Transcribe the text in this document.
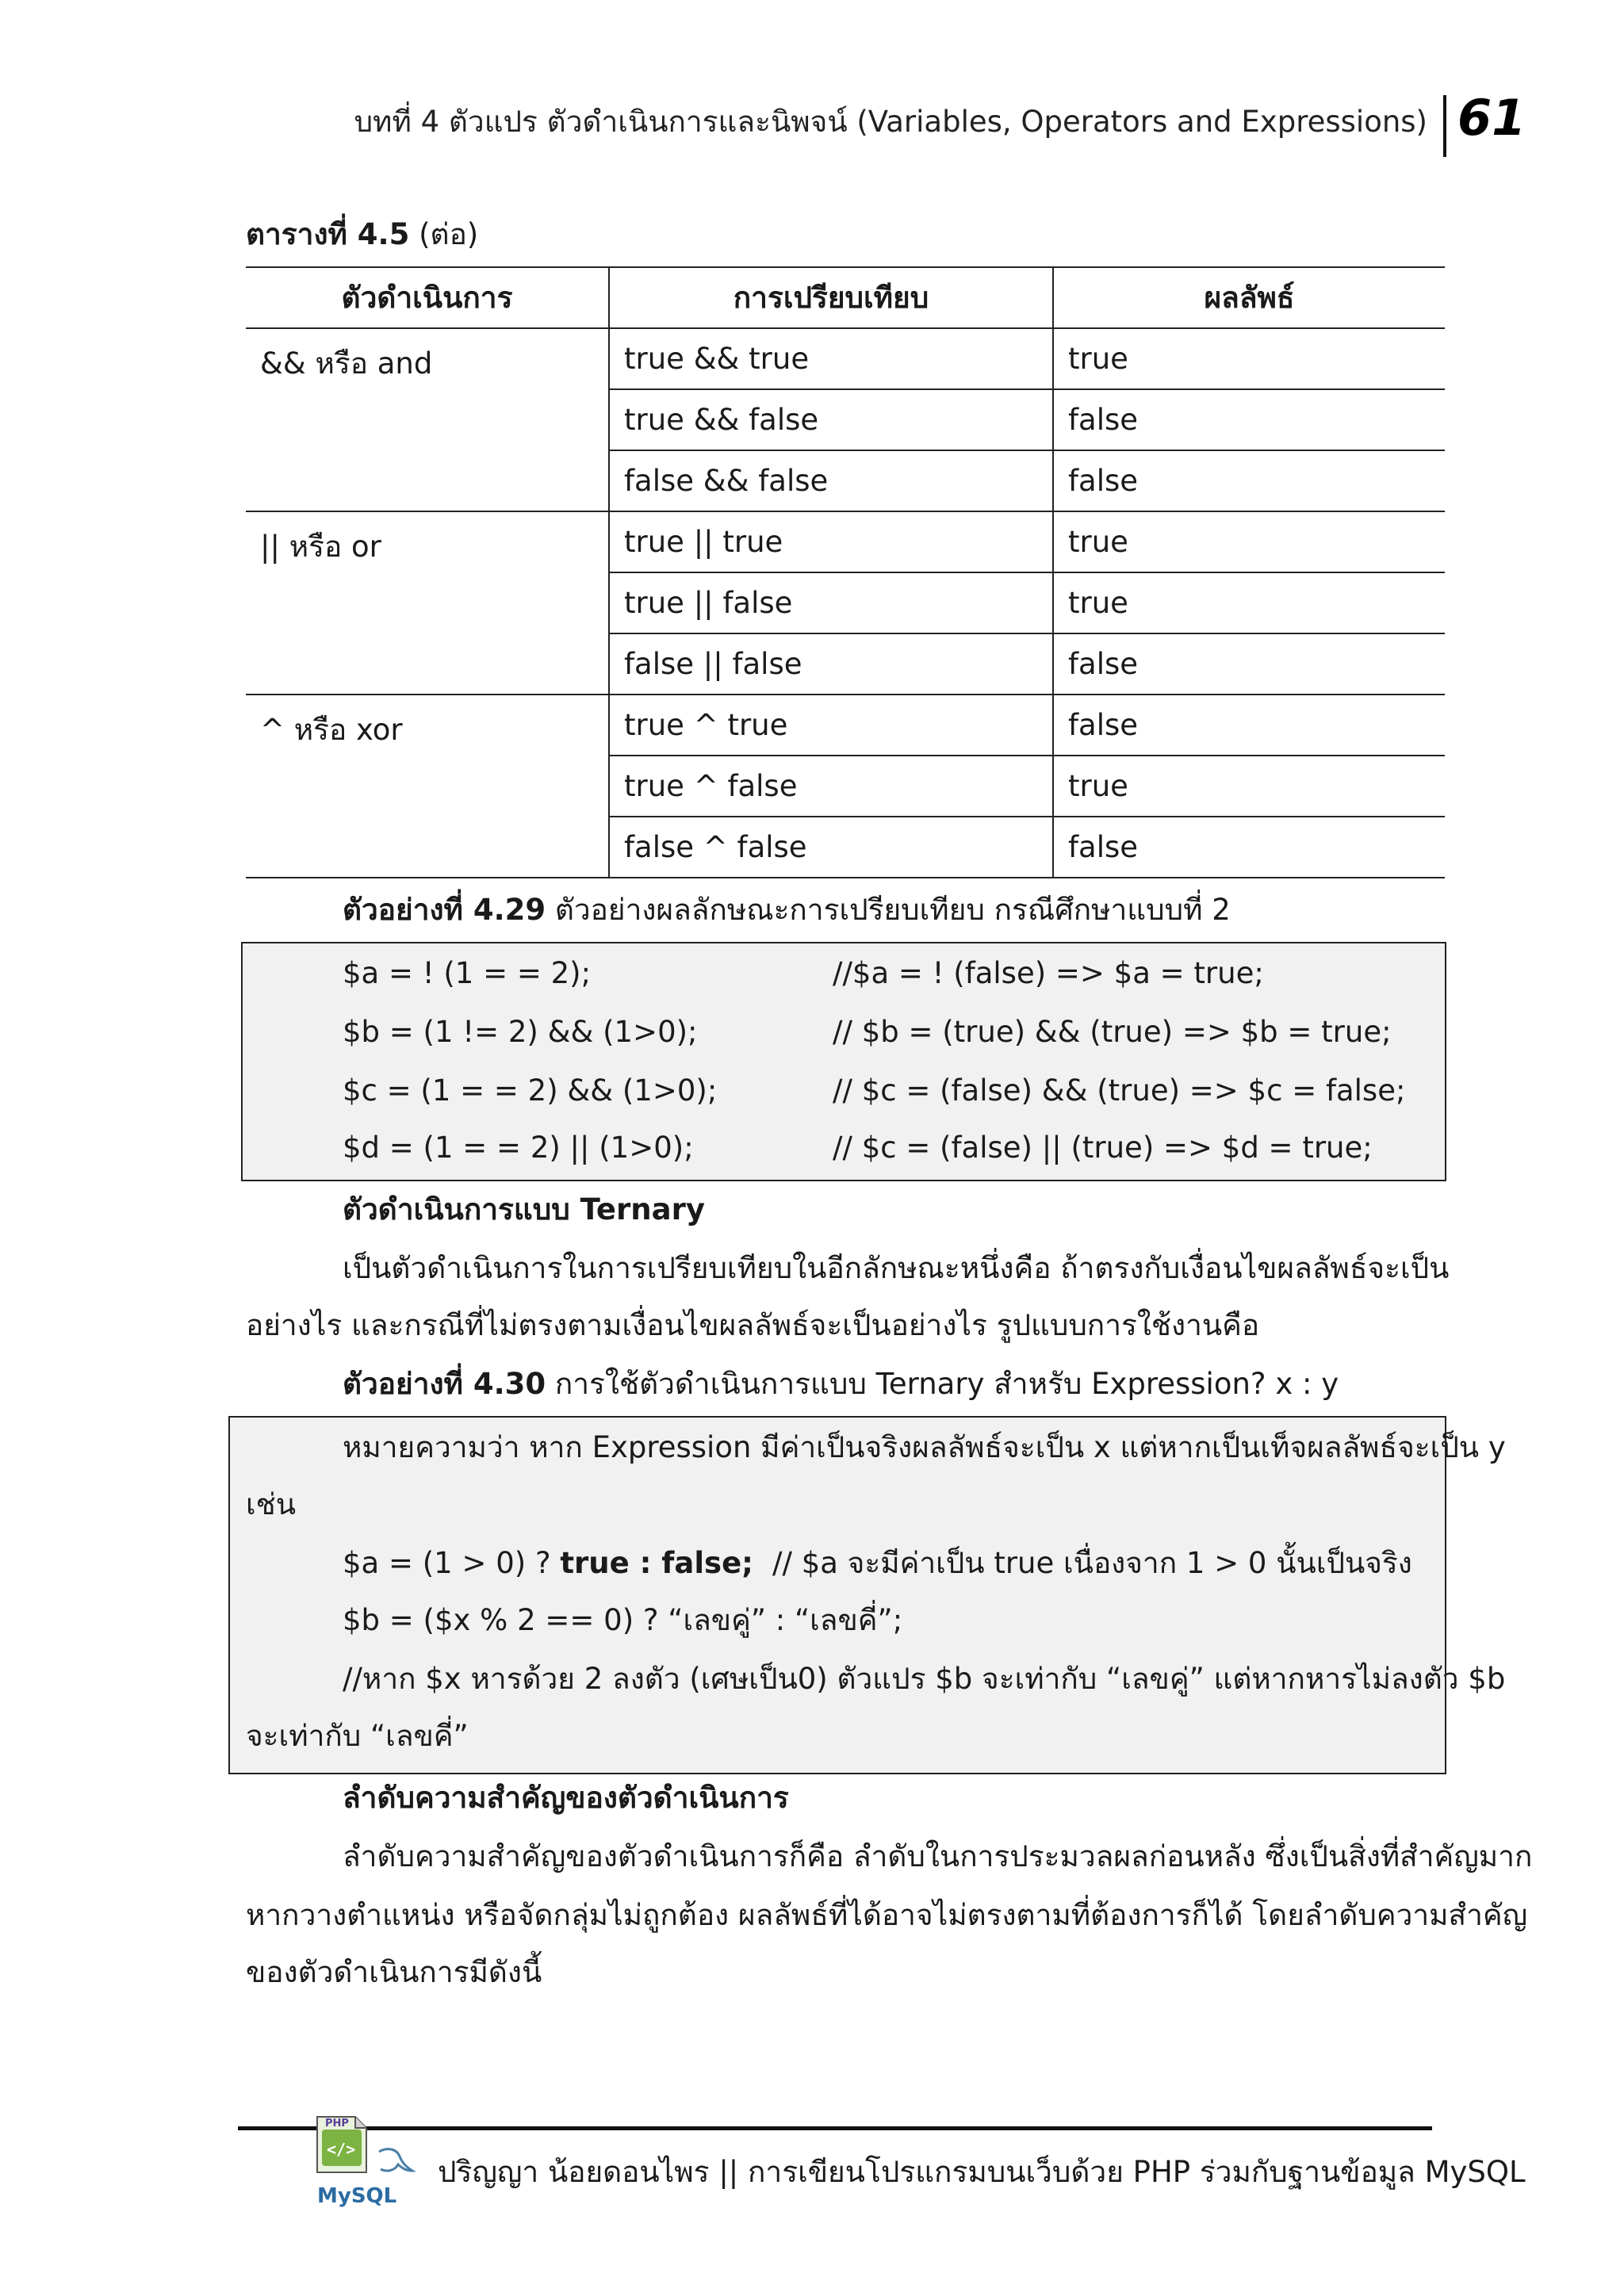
บทที่ 4 ตัวแปร ตัวดำเนินการและนิพจน์ (Variables, Operators and Expressions) 61
ตารางที่ 4.5 (ต่อ)
ตัวดำเนินการ	การเปรียบเทียบ	ผลลัพธ์
&& หรือ and	true && true	true
	true && false	false
	false && false	false
|| หรือ or	true || true	true
	true || false	true
	false || false	false
^ หรือ xor	true ^ true	false
	true ^ false	true
	false ^ false	false
ตัวอย่างที่ 4.29 ตัวอย่างผลลักษณะการเปรียบเทียบ กรณีศึกษาแบบที่ 2
$a = ! (1 = = 2);	//$a = ! (false) => $a = true;
$b = (1 != 2) && (1>0);	// $b = (true) && (true) => $b = true;
$c = (1 = = 2) && (1>0);	// $c = (false) && (true) => $c = false;
$d = (1 = = 2) || (1>0);	// $c = (false) || (true) => $d = true;
ตัวดำเนินการแบบ Ternary
เป็นตัวดำเนินการในการเปรียบเทียบในอีกลักษณะหนึ่งคือ ถ้าตรงกับเงื่อนไขผลลัพธ์จะเป็น
อย่างไร และกรณีที่ไม่ตรงตามเงื่อนไขผลลัพธ์จะเป็นอย่างไร รูปแบบการใช้งานคือ
ตัวอย่างที่ 4.30 การใช้ตัวดำเนินการแบบ Ternary สำหรับ Expression? x : y
หมายความว่า หาก Expression มีค่าเป็นจริงผลลัพธ์จะเป็น x แต่หากเป็นเท็จผลลัพธ์จะเป็น y
เช่น
$a = (1 > 0) ? true : false; // $a จะมีค่าเป็น true เนื่องจาก 1 > 0 นั้นเป็นจริง
$b = ($x % 2 == 0) ? “เลขคู่” : “เลขคี่”;
//หาก $x หารด้วย 2 ลงตัว (เศษเป็น0) ตัวแปร $b จะเท่ากับ “เลขคู่” แต่หากหารไม่ลงตัว $b
จะเท่ากับ “เลขคี่”
ลำดับความสำคัญของตัวดำเนินการ
ลำดับความสำคัญของตัวดำเนินการก็คือ ลำดับในการประมวลผลก่อนหลัง ซึ่งเป็นสิ่งที่สำคัญมาก
หากวางตำแหน่ง หรือจัดกลุ่มไม่ถูกต้อง ผลลัพธ์ที่ได้อาจไม่ตรงตามที่ต้องการก็ได้ โดยลำดับความสำคัญ
ของตัวดำเนินการมีดังนี้
PHP
</>
MySQL
ปริญญา น้อยดอนไพร || การเขียนโปรแกรมบนเว็บด้วย PHP ร่วมกับฐานข้อมูล MySQL
